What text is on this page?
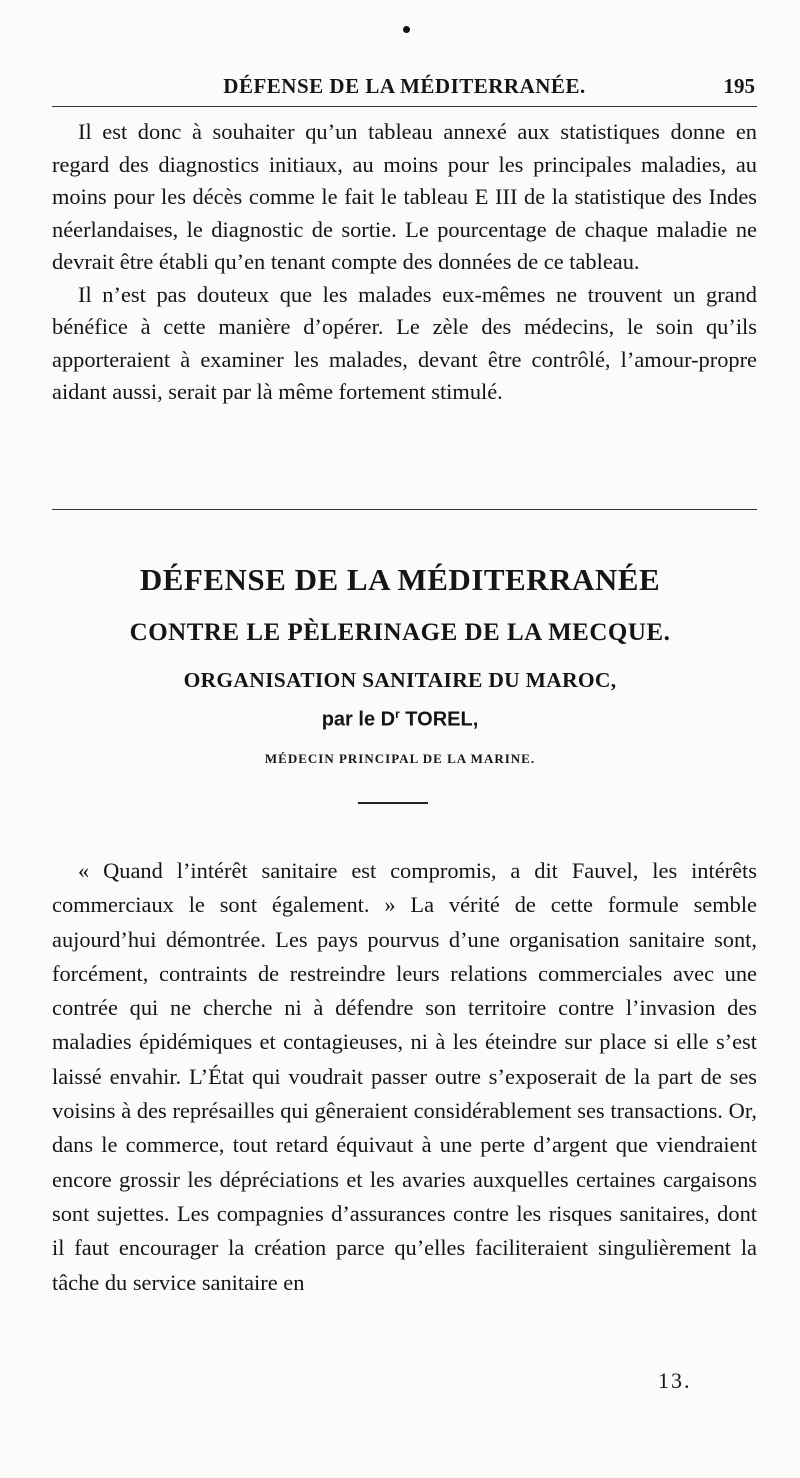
DÉFENSE DE LA MÉDITERRANÉE.	195

Il est donc à souhaiter qu’un tableau annexé aux statistiques donne en regard des diagnostics initiaux, au moins pour les principales maladies, au moins pour les décès comme le fait le tableau E III de la statistique des Indes néerlandaises, le diagnostic de sortie. Le pourcentage de chaque maladie ne devrait être établi qu’en tenant compte des données de ce tableau.

Il n’est pas douteux que les malades eux-mêmes ne trouvent un grand bénéfice à cette manière d’opérer. Le zèle des médecins, le soin qu’ils apporteraient à examiner les malades, devant être contrôlé, l’amour-propre aidant aussi, serait par là même fortement stimulé.

DÉFENSE DE LA MÉDITERRANÉE
CONTRE LE PÈLERINAGE DE LA MECQUE.
ORGANISATION SANITAIRE DU MAROC,
par le $D^r$ TOREL,
MÉDECIN PRINCIPAL DE LA MARINE.

« Quand l’intérêt sanitaire est compromis, a dit Fauvel, les intérêts commerciaux le sont également. » La vérité de cette formule semble aujourd’hui démontrée. Les pays pourvus d’une organisation sanitaire sont, forcément, contraints de restreindre leurs relations commerciales avec une contrée qui ne cherche ni à défendre son territoire contre l’invasion des maladies épidémiques et contagieuses, ni à les éteindre sur place si elle s’est laissé envahir. L’État qui voudrait passer outre s’exposerait de la part de ses voisins à des représailles qui gêneraient considérablement ses transactions. Or, dans le commerce, tout retard équivaut à une perte d’argent que viendraient encore grossir les dépréciations et les avaries auxquelles certaines cargaisons sont sujettes. Les compagnies d’assurances contre les risques sanitaires, dont il faut encourager la création parce qu’elles faciliteraient singulièrement la tâche du service sanitaire en

13.
